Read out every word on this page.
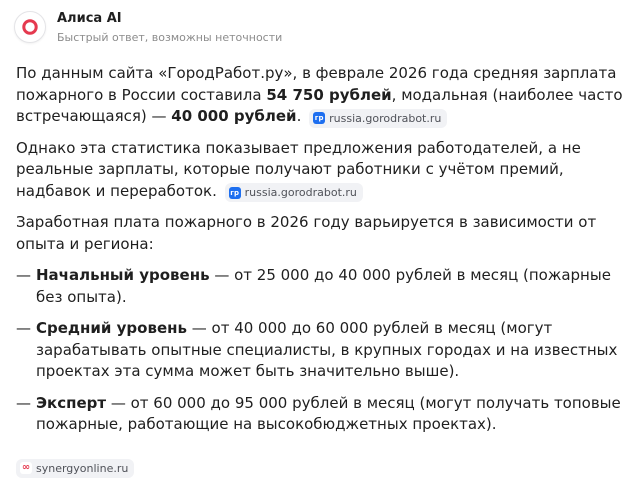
Алиса AI
Быстрый ответ, возможны неточности

По данным сайта «ГородРабот.ру», в феврале 2026 года средняя зарплата пожарного в России составила 54 750 рублей, модальная (наиболее часто встречающаяся) — 40 000 рублей. гр russia.gorodrabot.ru

Однако эта статистика показывает предложения работодателей, а не реальные зарплаты, которые получают работники с учётом премий, надбавок и переработок. гр russia.gorodrabot.ru

Заработная плата пожарного в 2026 году варьируется в зависимости от опыта и региона:

— Начальный уровень — от 25 000 до 40 000 рублей в месяц (пожарные без опыта).
— Средний уровень — от 40 000 до 60 000 рублей в месяц (могут зарабатывать опытные специалисты, в крупных городах и на известных проектах эта сумма может быть значительно выше).
— Эксперт — от 60 000 до 95 000 рублей в месяц (могут получать топовые пожарные, работающие на высокобюджетных проектах).
∞ synergyonline.ru
